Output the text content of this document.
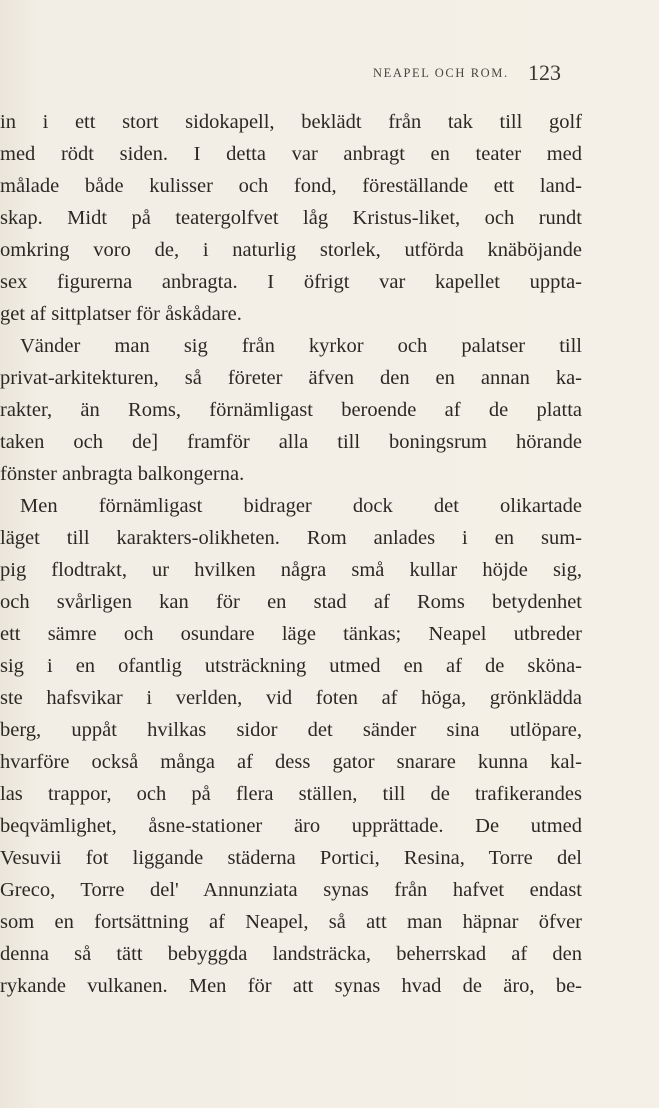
NEAPEL OCH ROM. 123
in i ett stort sidokapell, beklädt från tak till golf
med rödt siden. I detta var anbragt en teater med
målade både kulisser och fond, föreställande ett land-
skap. Midt på teatergolfvet låg Kristus-liket, och rundt
omkring voro de, i naturlig storlek, utförda knäböjande
sex figurerna anbragta. I öfrigt var kapellet uppta-
get af sittplatser för åskådare.
Vänder man sig från kyrkor och palatser till
privat-arkitekturen, så företer äfven den en annan ka-
rakter, än Roms, förnämligast beroende af de platta
taken och de] framför alla till boningsrum hörande
fönster anbragta balkongerna.
Men förnämligast bidrager dock det olikartade
läget till karakters-olikheten. Rom anlades i en sum-
pig flodtrakt, ur hvilken några små kullar höjde sig,
och svårligen kan för en stad af Roms betydenhet
ett sämre och osundare läge tänkas; Neapel utbreder
sig i en ofantlig utsträckning utmed en af de sköna-
ste hafsvikar i verlden, vid foten af höga, grönklädda
berg, uppåt hvilkas sidor det sänder sina utlöpare,
hvarföre också många af dess gator snarare kunna kal-
las trappor, och på flera ställen, till de trafikerandes
beqvämlighet, åsne-stationer äro upprättade. De utmed
Vesuvii fot liggande städerna Portici, Resina, Torre del
Greco, Torre del' Annunziata synas från hafvet endast
som en fortsättning af Neapel, så att man häpnar öfver
denna så tätt bebyggda landsträcka, beherrskad af den
rykande vulkanen. Men för att synas hvad de äro, be-
